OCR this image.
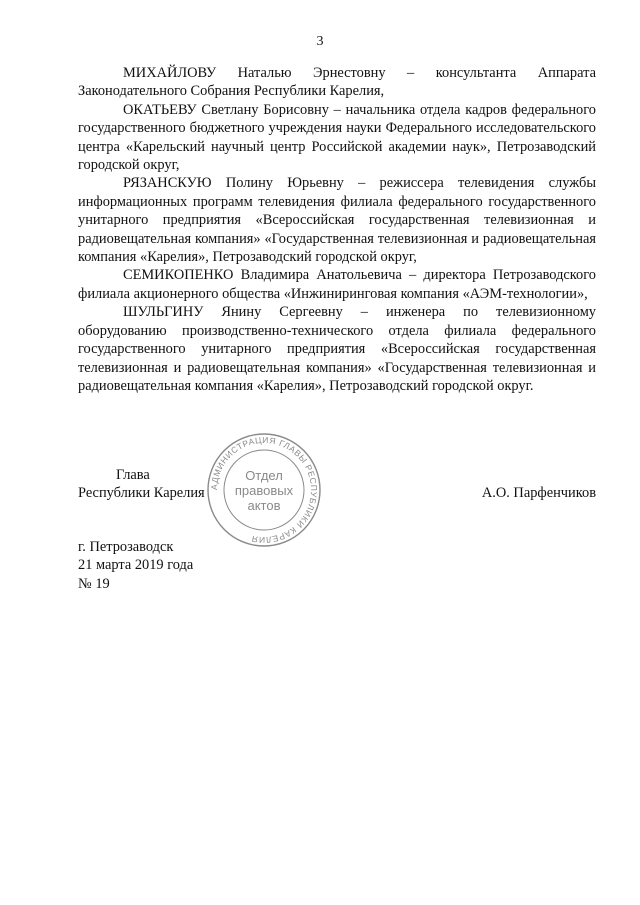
3

МИХАЙЛОВУ Наталью Эрнестовну – консультанта Аппарата Законодательного Собрания Республики Карелия,

ОКАТЬЕВУ Светлану Борисовну – начальника отдела кадров федерального государственного бюджетного учреждения науки Федерального исследовательского центра «Карельский научный центр Российской академии наук», Петрозаводский городской округ,

РЯЗАНСКУЮ Полину Юрьевну – режиссера телевидения службы информационных программ телевидения филиала федерального государственного унитарного предприятия «Всероссийская государственная телевизионная и радиовещательная компания» «Государственная телевизионная и радиовещательная компания «Карелия», Петрозаводский городской округ,

СЕМИКОПЕНКО Владимира Анатольевича – директора Петрозаводского филиала акционерного общества «Инжиниринговая компания «АЭМ-технологии»,

ШУЛЬГИНУ Янину Сергеевну – инженера по телевизионному оборудованию производственно-технического отдела филиала федерального государственного унитарного предприятия «Всероссийская государственная телевизионная и радиовещательная компания» «Государственная телевизионная и радиовещательная компания «Карелия», Петрозаводский городской округ.

Глава
Республики Карелия	А.О. Парфенчиков
АДМИНИСТРАЦИЯ ГЛАВЫ РЕСПУБЛИКИ КАРЕЛИЯ
Отдел
правовых
актов
г. Петрозаводск
21 марта 2019 года
№ 19
